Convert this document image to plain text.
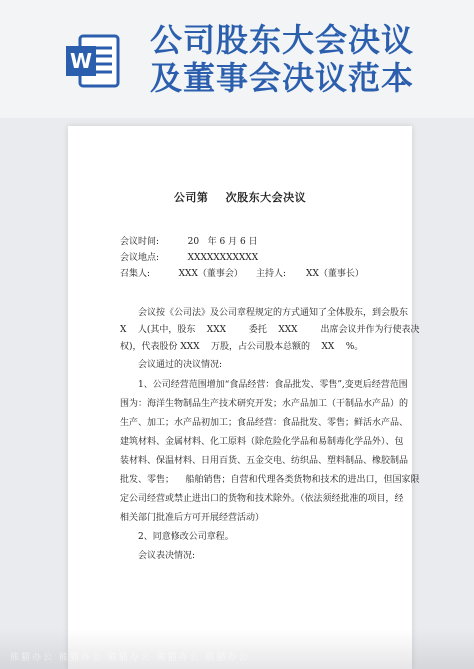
W
公司股东大会决议
及董事会决议范本
公司第    次股东大会决议
会议时间:          20   年 6 月 6 日
会议地点:          XXXXXXXXXXX
召集人:          XXX（董事会） 主持人:       XX（董事长）
会议按《公司法》及公司章程规定的方式通知了全体股东，到会股东
X    人(其中，股东    XXX        委托    XXX        出席会议并作为行使表决
权)，代表股份 XXX    万股，占公司股本总额的    XX    %。
会议通过的决议情况:
1、公司经营范围增加“食品经营：食品批发、零售”,变更后经营范围
围为：海洋生物制品生产技术研究开发；水产品加工（干制品水产品）的
生产、加工；水产品初加工；食品经营：食品批发、零售；鲜活水产品、
建筑材料、金属材料、化工原料（除危险化学品和易制毒化学品外）、包
装材料、保温材料、日用百货、五金交电、纺织品、塑料制品、橡胶制品
批发、零售；    船舶销售；自营和代理各类货物和技术的进出口，但国家限
定公司经营或禁止进出口的货物和技术除外。（依法须经批准的项目，经
相关部门批准后方可开展经营活动）
2、同意修改公司章程。
会议表决情况:
熊猫办公 熊猫办公 熊猫办公 熊猫办公 熊猫办公
